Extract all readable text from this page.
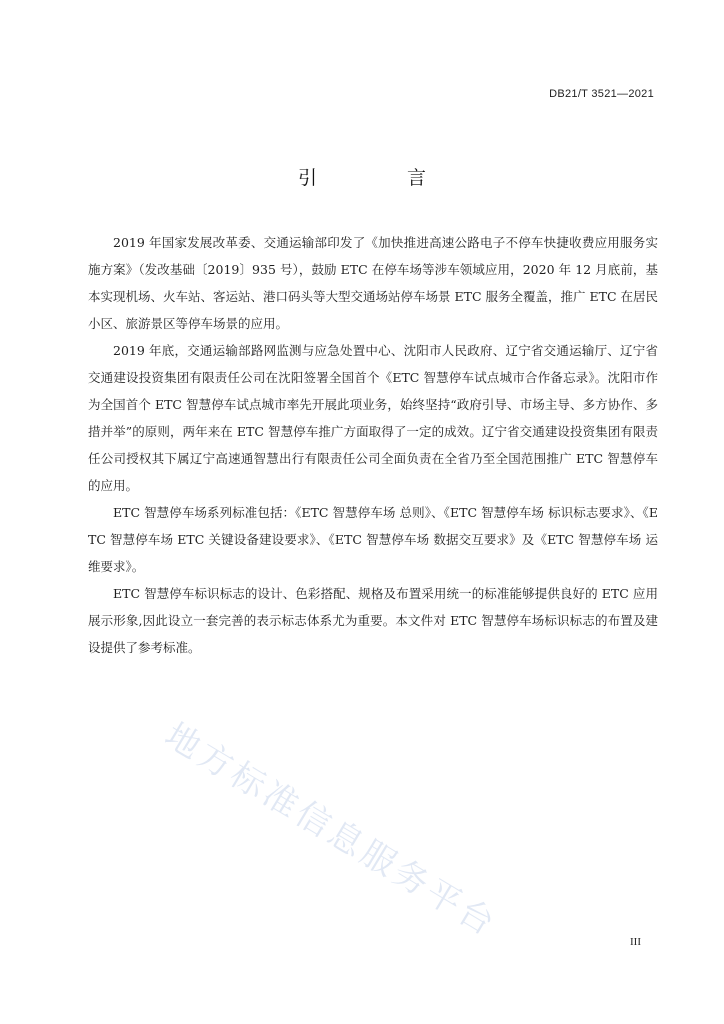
DB21/T 3521—2021
引 言

2019 年国家发展改革委、交通运输部印发了《加快推进高速公路电子不停车快捷收费应用服务实施方案》（发改基础〔2019〕935 号），鼓励 ETC 在停车场等涉车领域应用，2020 年 12 月底前，基本实现机场、火车站、客运站、港口码头等大型交通场站停车场景 ETC 服务全覆盖，推广 ETC 在居民小区、旅游景区等停车场景的应用。

2019 年底，交通运输部路网监测与应急处置中心、沈阳市人民政府、辽宁省交通运输厅、辽宁省交通建设投资集团有限责任公司在沈阳签署全国首个《ETC 智慧停车试点城市合作备忘录》。沈阳市作为全国首个 ETC 智慧停车试点城市率先开展此项业务，始终坚持“政府引导、市场主导、多方协作、多措并举”的原则，两年来在 ETC 智慧停车推广方面取得了一定的成效。辽宁省交通建设投资集团有限责任公司授权其下属辽宁高速通智慧出行有限责任公司全面负责在全省乃至全国范围推广 ETC 智慧停车的应用。

ETC 智慧停车场系列标准包括：《ETC 智慧停车场 总则》、《ETC 智慧停车场 标识标志要求》、《ETC 智慧停车场 ETC 关键设备建设要求》、《ETC 智慧停车场 数据交互要求》及《ETC 智慧停车场 运维要求》。

ETC 智慧停车标识标志的设计、色彩搭配、规格及布置采用统一的标准能够提供良好的 ETC 应用展示形象,因此设立一套完善的表示标志体系尤为重要。本文件对 ETC 智慧停车场标识标志的布置及建设提供了参考标准。

地方标准信息服务平台	III
